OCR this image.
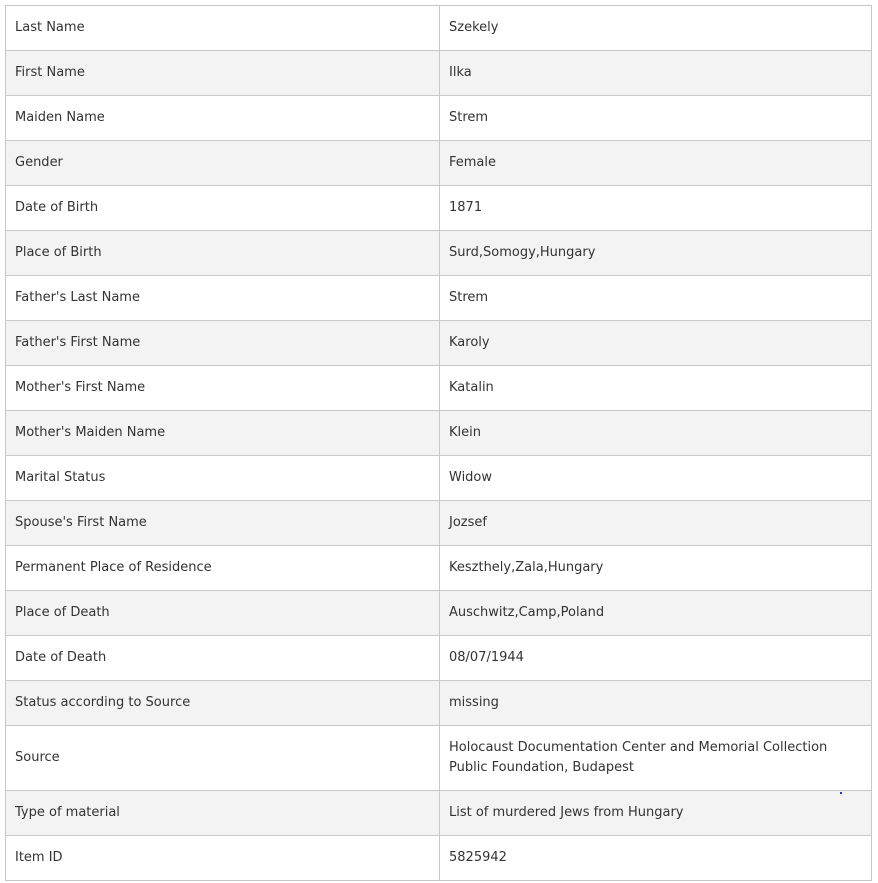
Last Name	Szekely
First Name	Ilka
Maiden Name	Strem
Gender	Female
Date of Birth	1871
Place of Birth	Surd,Somogy,Hungary
Father's Last Name	Strem
Father's First Name	Karoly
Mother's First Name	Katalin
Mother's Maiden Name	Klein
Marital Status	Widow
Spouse's First Name	Jozsef
Permanent Place of Residence	Keszthely,Zala,Hungary
Place of Death	Auschwitz,Camp,Poland
Date of Death	08/07/1944
Status according to Source	missing
Source	Holocaust Documentation Center and Memorial Collection Public Foundation, Budapest
Type of material	List of murdered Jews from Hungary
Item ID	5825942
